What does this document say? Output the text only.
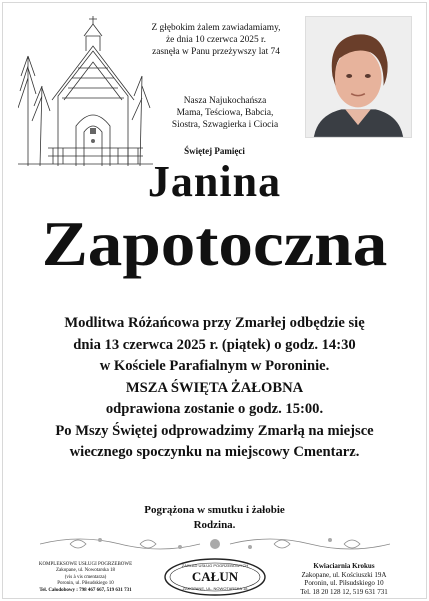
Z głębokim żalem zawiadamiamy,
że dnia 10 czerwca 2025 r.
zasnęła w Panu przeżywszy lat 74
Nasza Najukochańsza
Mama, Teściowa, Babcia,
Siostra, Szwagierka i Ciocia
Świętej Pamięci
Janina
Zapotoczna
Modlitwa Różańcowa przy Zmarłej odbędzie się
dnia 13 czerwca 2025 r. (piątek) o godz. 14:30
w Kościele Parafialnym w Poroninie.
MSZA ŚWIĘTA ŻAŁOBNA
odprawiona zostanie o godz. 15:00.
Po Mszy Świętej odprowadzimy Zmarłą na miejsce
wiecznego spoczynku na miejscowy Cmentarz.
Pogrążona w smutku i żałobie
Rodzina.
KOMPLEKSOWE USŁUGI POGRZEBOWE
Zakopane, ul. Nowotarska 18
(vis à vis cmentarza)
Poronin, ul. Piłsudskiego 10
Tel. Całodobowy : 798 467 667, 519 631 731
ZAKŁAD USŁUG POGRZEBOWYCH
CAŁUN
ZAKOPANE, UL. NOWOTARSKA 18
Kwiaciarnia Krokus
Zakopane, ul. Kościuszki 19A
Poronin, ul. Piłsudskiego 10
Tel. 18 20 128 12, 519 631 731
